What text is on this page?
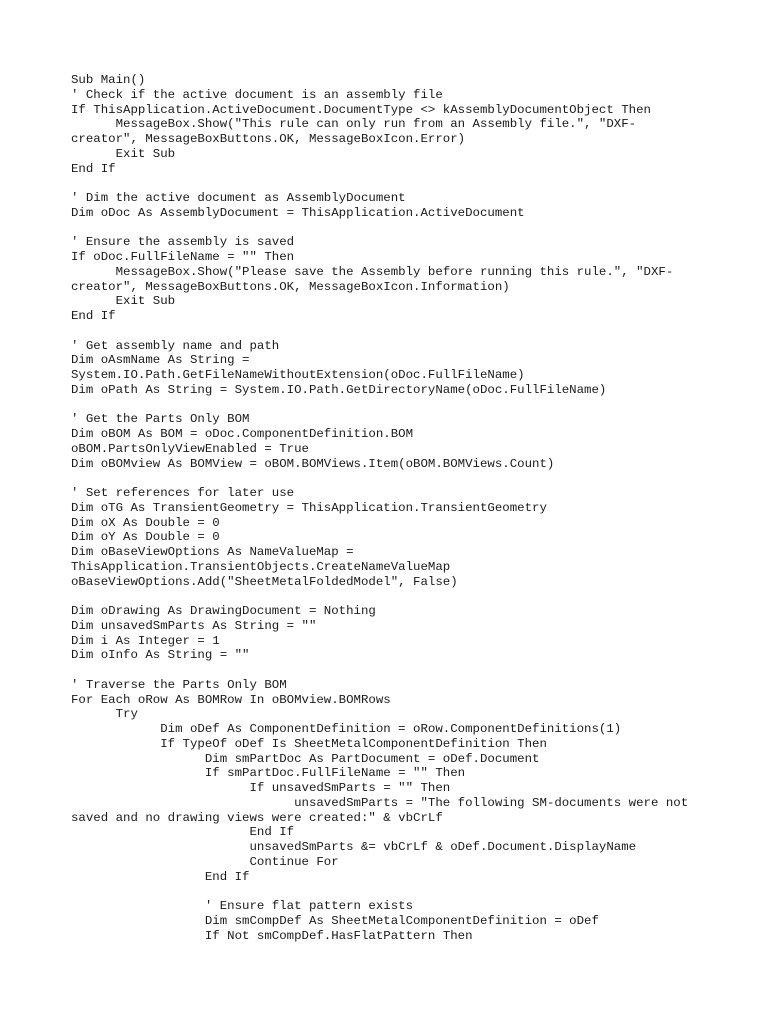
Sub Main()
' Check if the active document is an assembly file
If ThisApplication.ActiveDocument.DocumentType <> kAssemblyDocumentObject Then
MessageBox.Show("This rule can only run from an Assembly file.", "DXF-
creator", MessageBoxButtons.OK, MessageBoxIcon.Error)
Exit Sub
End If
' Dim the active document as AssemblyDocument
Dim oDoc As AssemblyDocument = ThisApplication.ActiveDocument
' Ensure the assembly is saved
If oDoc.FullFileName = "" Then
MessageBox.Show("Please save the Assembly before running this rule.", "DXF-
creator", MessageBoxButtons.OK, MessageBoxIcon.Information)
Exit Sub
End If
' Get assembly name and path
Dim oAsmName As String =
System.IO.Path.GetFileNameWithoutExtension(oDoc.FullFileName)
Dim oPath As String = System.IO.Path.GetDirectoryName(oDoc.FullFileName)
' Get the Parts Only BOM
Dim oBOM As BOM = oDoc.ComponentDefinition.BOM
oBOM.PartsOnlyViewEnabled = True
Dim oBOMview As BOMView = oBOM.BOMViews.Item(oBOM.BOMViews.Count)
' Set references for later use
Dim oTG As TransientGeometry = ThisApplication.TransientGeometry
Dim oX As Double = 0
Dim oY As Double = 0
Dim oBaseViewOptions As NameValueMap =
ThisApplication.TransientObjects.CreateNameValueMap
oBaseViewOptions.Add("SheetMetalFoldedModel", False)
Dim oDrawing As DrawingDocument = Nothing
Dim unsavedSmParts As String = ""
Dim i As Integer = 1
Dim oInfo As String = ""
' Traverse the Parts Only BOM
For Each oRow As BOMRow In oBOMview.BOMRows
Try
Dim oDef As ComponentDefinition = oRow.ComponentDefinitions(1)
If TypeOf oDef Is SheetMetalComponentDefinition Then
Dim smPartDoc As PartDocument = oDef.Document
If smPartDoc.FullFileName = "" Then
If unsavedSmParts = "" Then
unsavedSmParts = "The following SM-documents were not
saved and no drawing views were created:" & vbCrLf
End If
unsavedSmParts &= vbCrLf & oDef.Document.DisplayName
Continue For
End If
' Ensure flat pattern exists
Dim smCompDef As SheetMetalComponentDefinition = oDef
If Not smCompDef.HasFlatPattern Then
